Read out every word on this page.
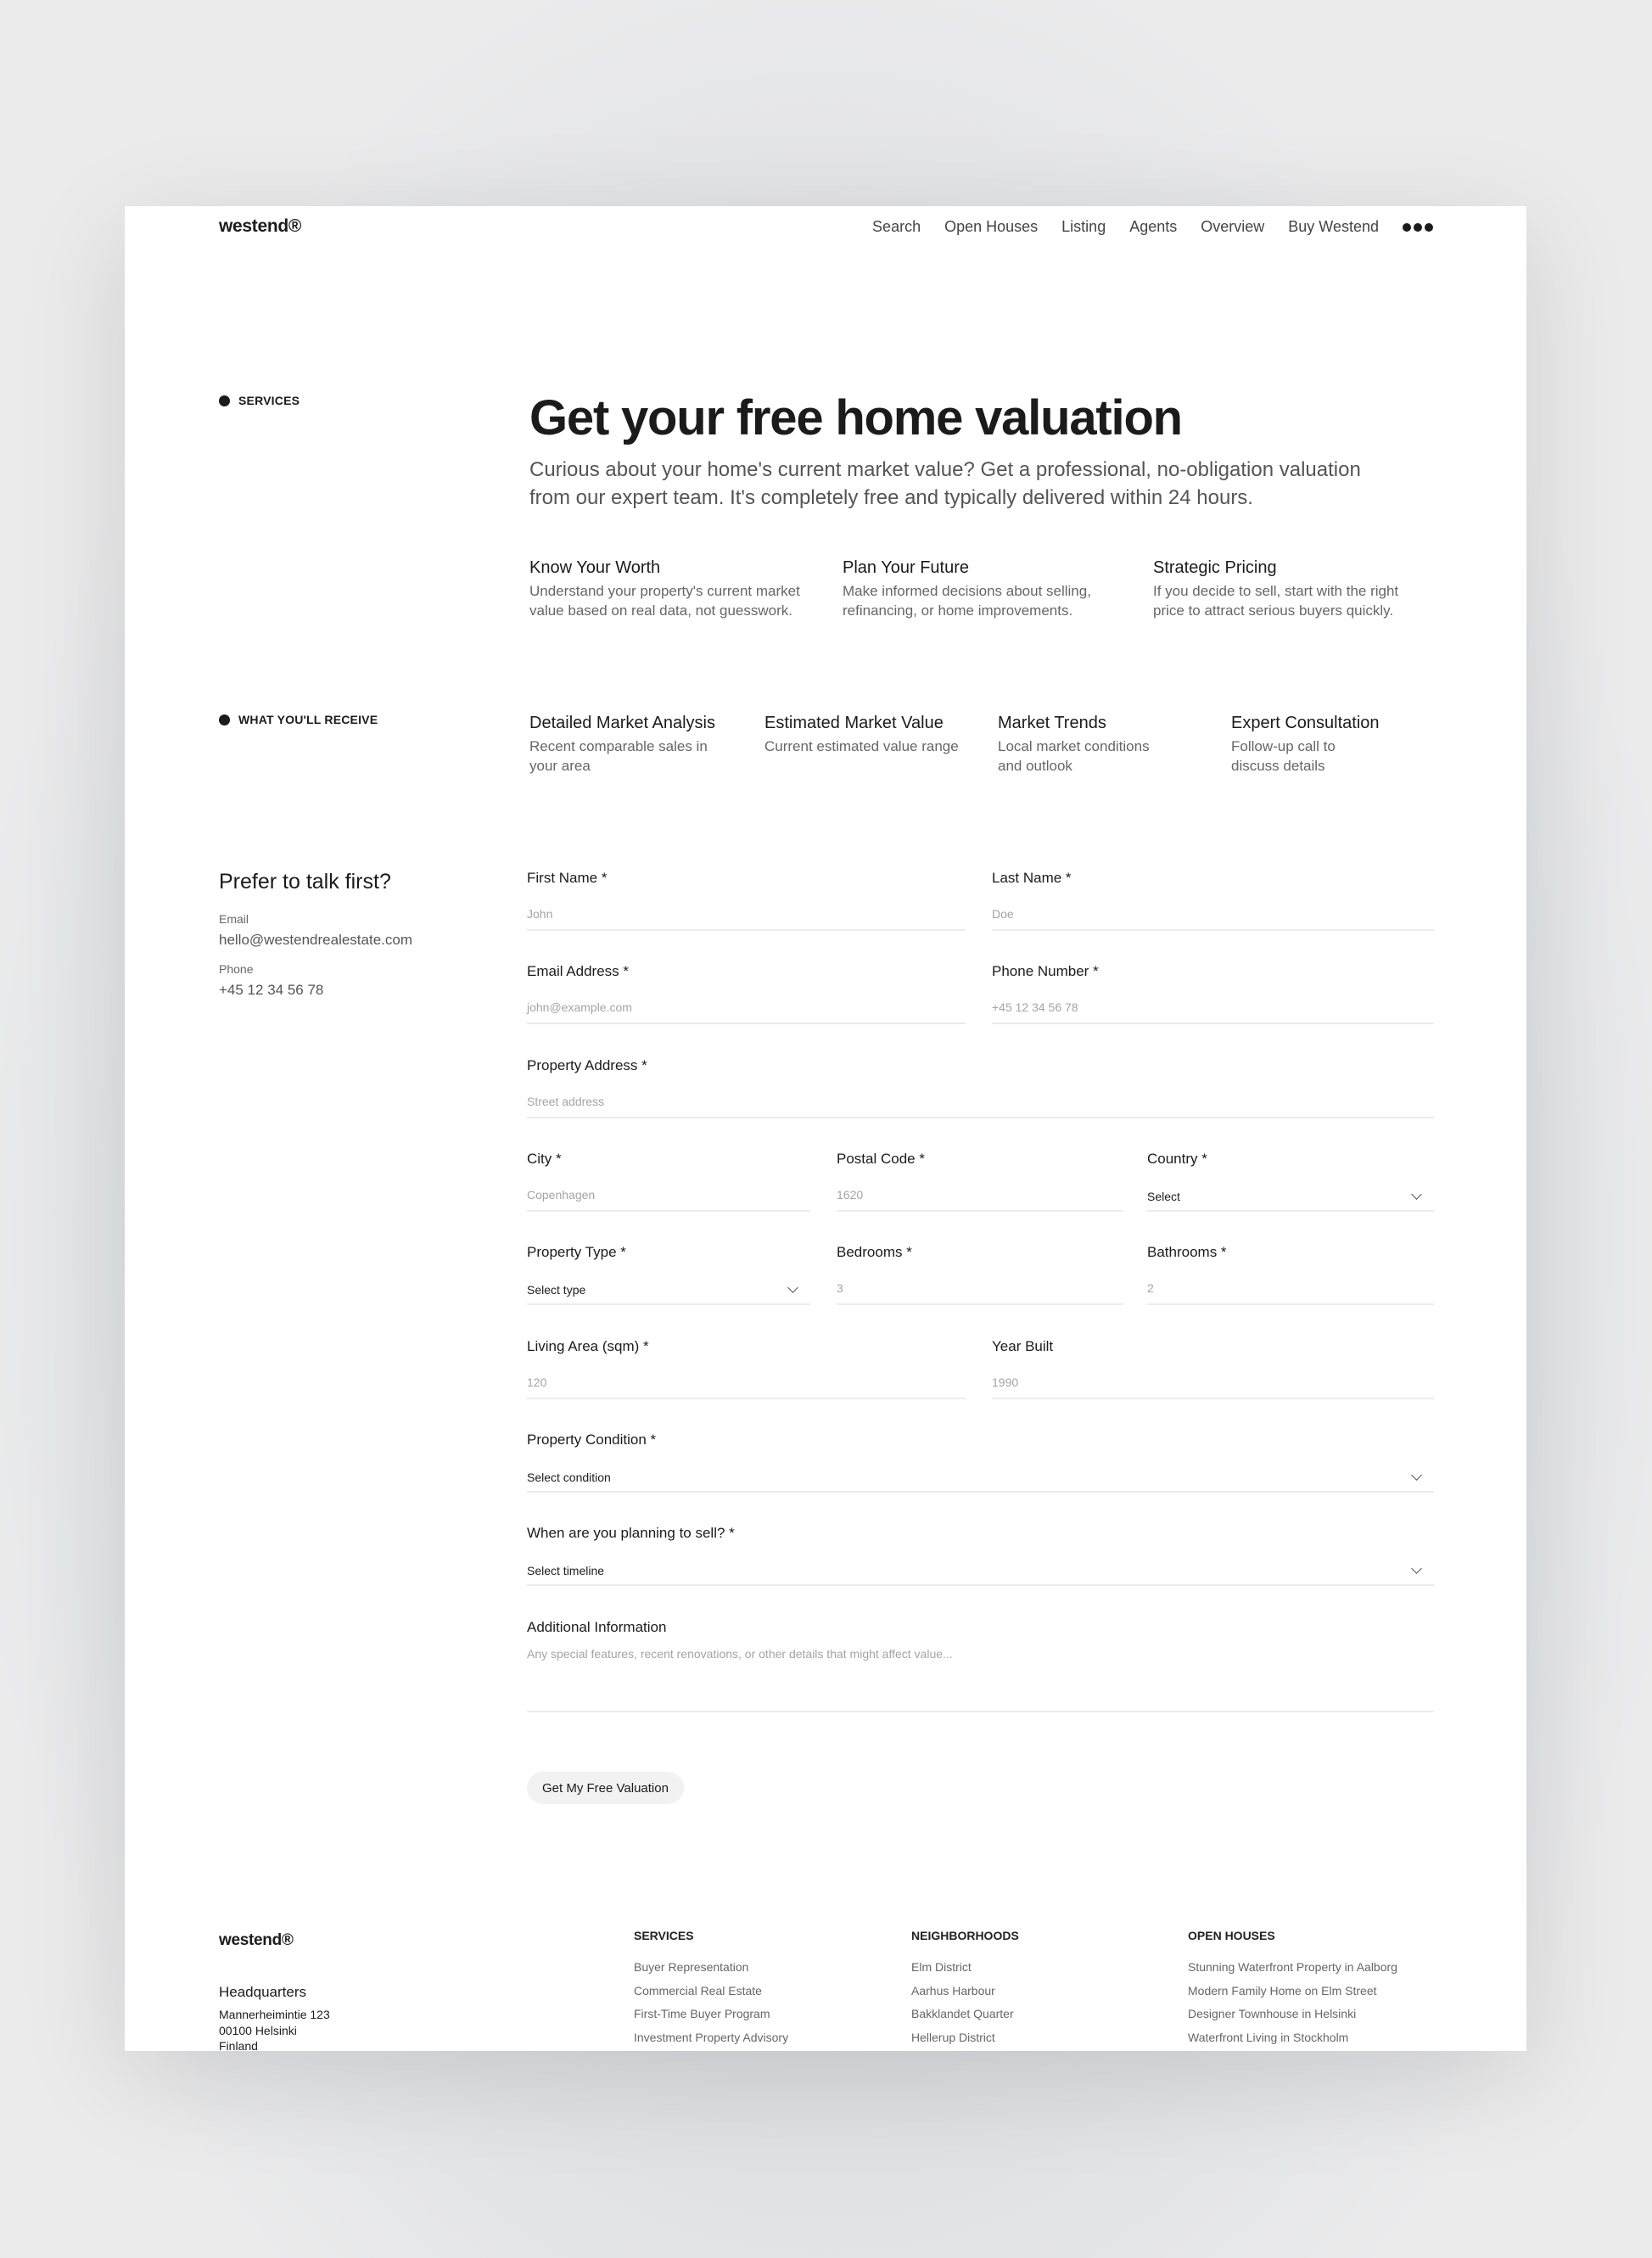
westend®	Search Open Houses Listing Agents Overview Buy Westend
SERVICES	Get your free home valuation

Curious about your home's current market value? Get a professional, no-obligation valuation from our expert team. It's completely free and typically delivered within 24 hours.

Know Your Worth
Understand your property's current market value based on real data, not guesswork.
Plan Your Future
Make informed decisions about selling, refinancing, or home improvements.
Strategic Pricing
If you decide to sell, start with the right price to attract serious buyers quickly.
WHAT YOU'LL RECEIVE	Detailed Market Analysis
Recent comparable sales in your area
Estimated Market Value
Current estimated value range
Market Trends
Local market conditions and outlook
Expert Consultation
Follow-up call to discuss details
Prefer to talk first?
Email
hello@westendrealestate.com
Phone
+45 12 34 56 78
First Name *
John
Last Name *
Doe
Email Address *
john@example.com
Phone Number *
+45 12 34 56 78
Property Address *
Street address
City *
Copenhagen
Postal Code *
1620
Country *
Select
Property Type *
Select type
Bedrooms *
3
Bathrooms *
2
Living Area (sqm) *
120
Year Built
1990
Property Condition *
Select condition
When are you planning to sell? *
Select timeline
Additional Information
Any special features, recent renovations, or other details that might affect value...
Get My Free Valuation
westend®
Headquarters
Mannerheimintie 123
00100 Helsinki
Finland
SERVICES
Buyer Representation
Commercial Real Estate
First-Time Buyer Program
Investment Property Advisory
NEIGHBORHOODS
Elm District
Aarhus Harbour
Bakklandet Quarter
Hellerup District
OPEN HOUSES
Stunning Waterfront Property in Aalborg
Modern Family Home on Elm Street
Designer Townhouse in Helsinki
Waterfront Living in Stockholm
